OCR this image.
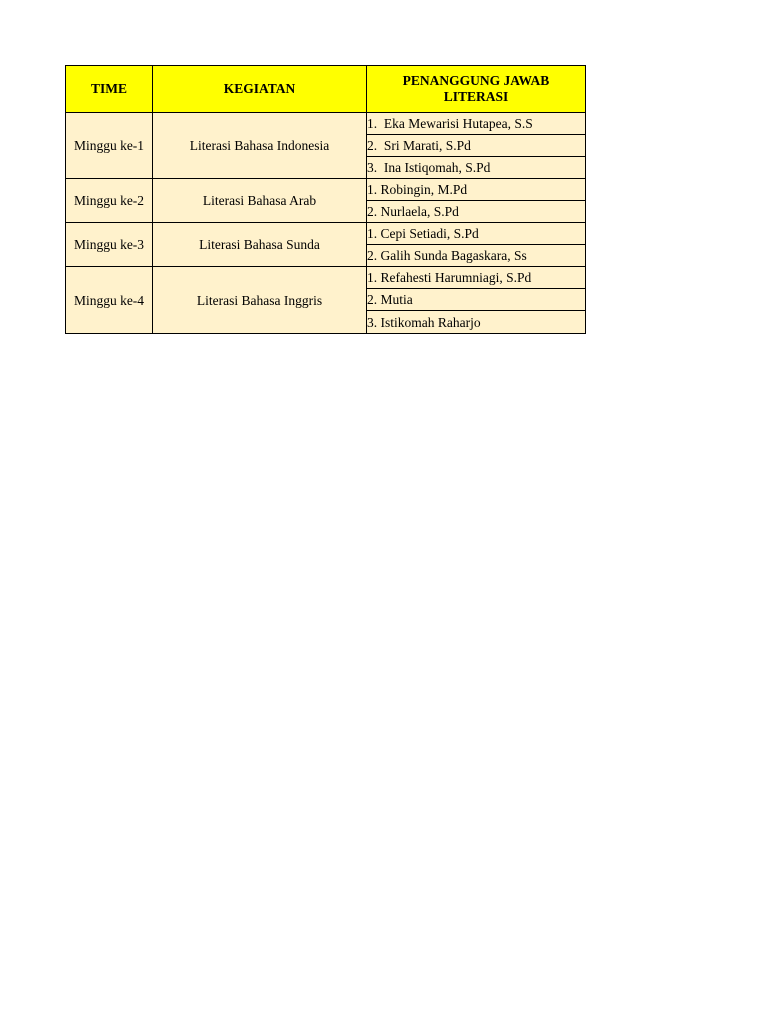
TIME	KEGIATAN	PENANGGUNG JAWAB LITERASI
Minggu ke-1	Literasi Bahasa Indonesia	1.  Eka Mewarisi Hutapea, S.S
		2.  Sri Marati, S.Pd
		3.  Ina Istiqomah, S.Pd
Minggu ke-2	Literasi Bahasa Arab	1. Robingin, M.Pd
		2. Nurlaela, S.Pd
Minggu ke-3	Literasi Bahasa Sunda	1. Cepi Setiadi, S.Pd
		2. Galih Sunda Bagaskara, Ss
Minggu ke-4	Literasi Bahasa Inggris	1. Refahesti Harumniagi, S.Pd
		2. Mutia
		3. Istikomah Raharjo
